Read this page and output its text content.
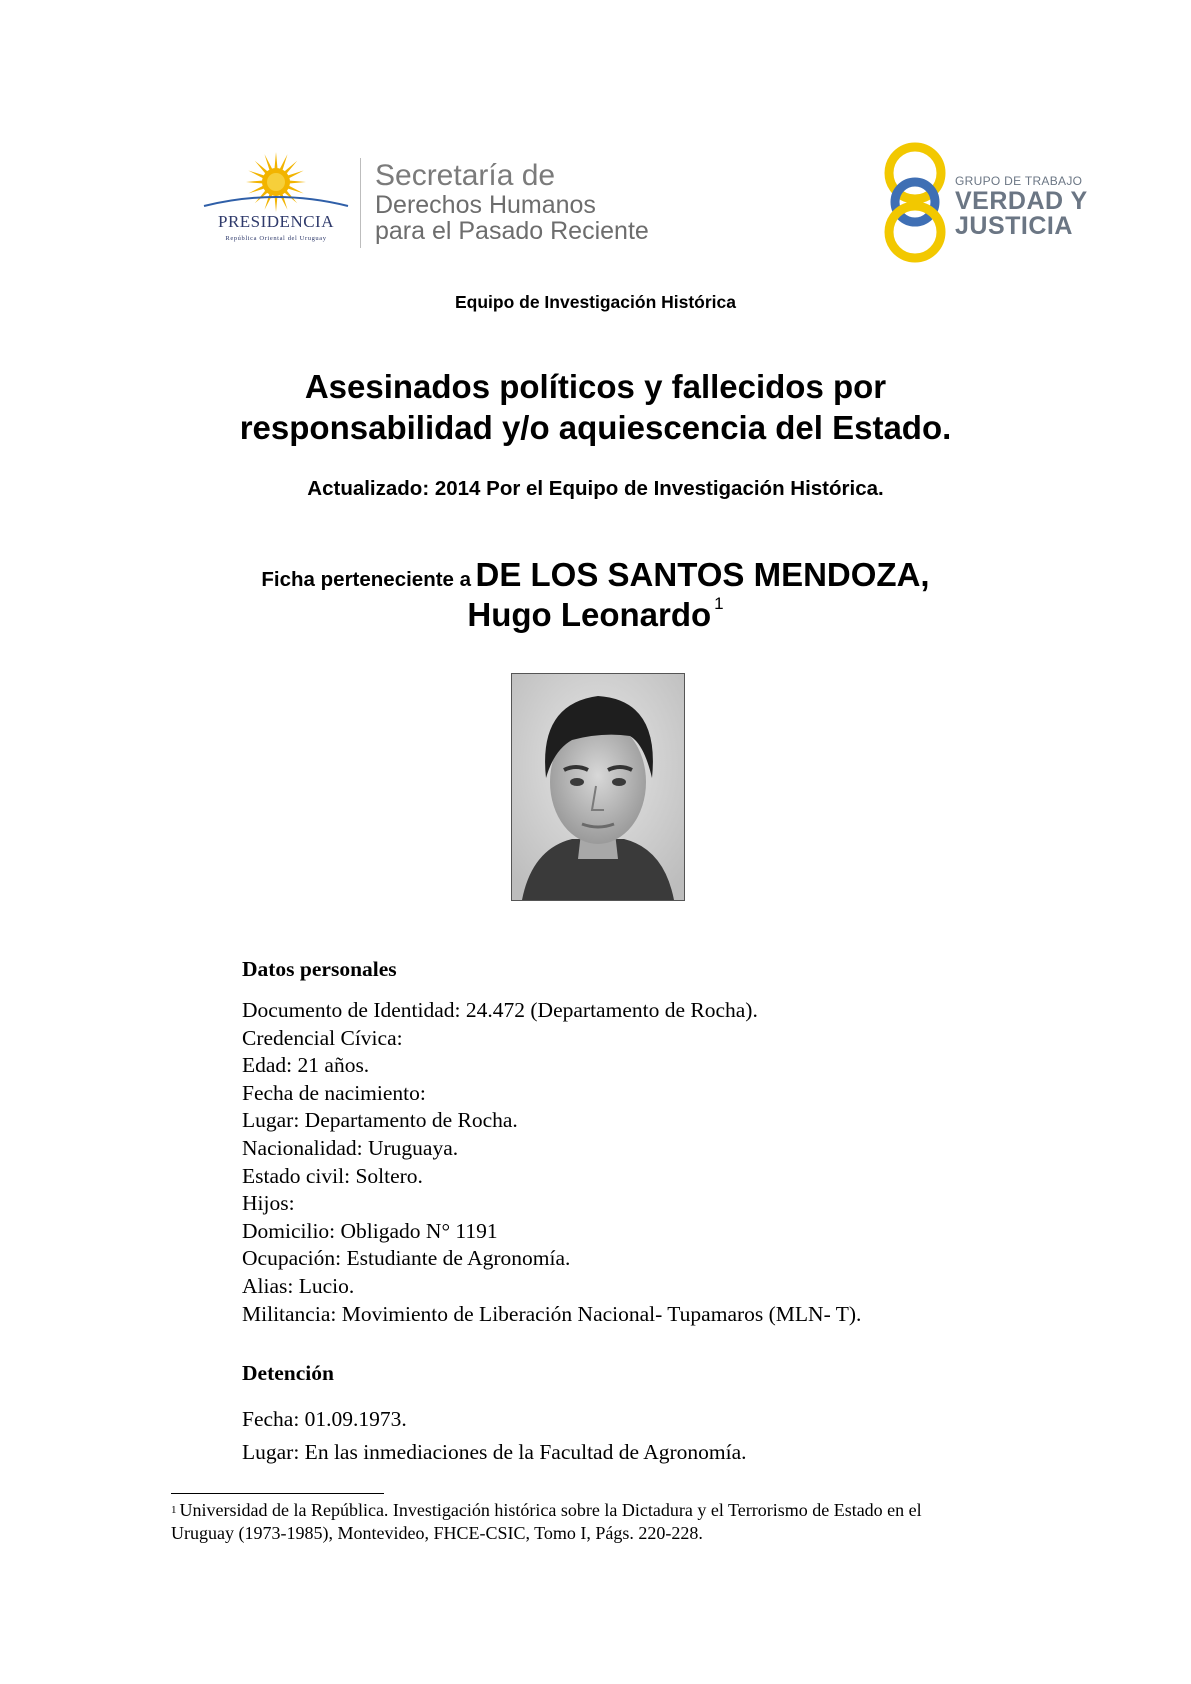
PRESIDENCIA
República Oriental del Uruguay
Secretaría de
Derechos Humanos
para el Pasado Reciente
GRUPO DE TRABAJO
VERDAD Y
JUSTICIA
Equipo de Investigación Histórica
Asesinados políticos y fallecidos por
responsabilidad y/o aquiescencia del Estado.
Actualizado: 2014 Por el Equipo de Investigación Histórica.
Ficha perteneciente a DE LOS SANTOS MENDOZA,
Hugo Leonardo $^1$
Datos personales
Documento de Identidad: 24.472 (Departamento de Rocha).
Credencial Cívica:
Edad: 21 años.
Fecha de nacimiento:
Lugar: Departamento de Rocha.
Nacionalidad: Uruguaya.
Estado civil: Soltero.
Hijos:
Domicilio: Obligado N° 1191
Ocupación: Estudiante de Agronomía.
Alias: Lucio.
Militancia: Movimiento de Liberación Nacional- Tupamaros (MLN- T).
Detención
Fecha: 01.09.1973.
Lugar: En las inmediaciones de la Facultad de Agronomía.
$^1$ Universidad de la República. Investigación histórica sobre la Dictadura y el Terrorismo de Estado en el
Uruguay (1973-1985), Montevideo, FHCE-CSIC, Tomo I, Págs. 220-228.
